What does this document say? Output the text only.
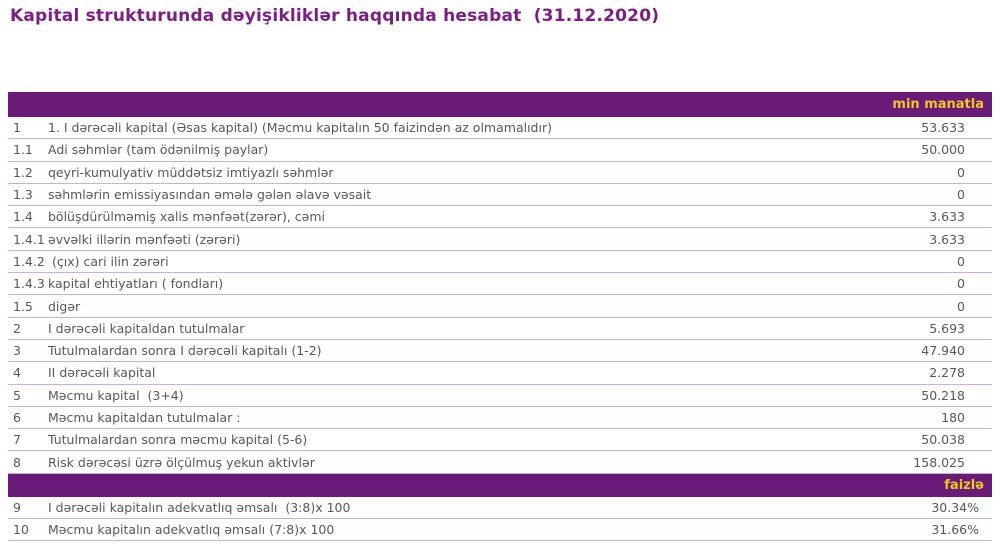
Kapital strukturunda dəyişikliklər haqqında hesabat  (31.12.2020)
min manatla
1	1. I dərəcəli kapital (Əsas kapital) (Məcmu kapitalın 50 faizindən az olmamalıdır)	53.633
1.1	Adi səhmlər (tam ödənilmiş paylar)	50.000
1.2	qeyri-kumulyativ müddətsiz imtiyazlı səhmlər	0
1.3	səhmlərin emissiyasından əmələ gələn əlavə vəsait	0
1.4	bölüşdürülməmiş xalis mənfəət(zərər), cəmi	3.633
1.4.1 əvvəlki illərin mənfəəti (zərəri)	3.633
1.4.2 (çıx) cari ilin zərəri	0
1.4.3 kapital ehtiyatları ( fondları)	0
1.5	digər	0
2	I dərəcəli kapitaldan tutulmalar	5.693
3	Tutulmalardan sonra I dərəcəli kapitalı (1-2)	47.940
4	II dərəcəli kapital	2.278
5	Məcmu kapital  (3+4)	50.218
6	Məcmu kapitaldan tutulmalar :	180
7	Tutulmalardan sonra məcmu kapital (5-6)	50.038
8	Risk dərəcəsi üzrə ölçülmuş yekun aktivlər	158.025
faizlə
9	I dərəcəli kapitalın adekvatlıq əmsalı  (3:8)x 100	30.34%
10	Məcmu kapitalın adekvatlıq əmsalı (7:8)x 100	31.66%
